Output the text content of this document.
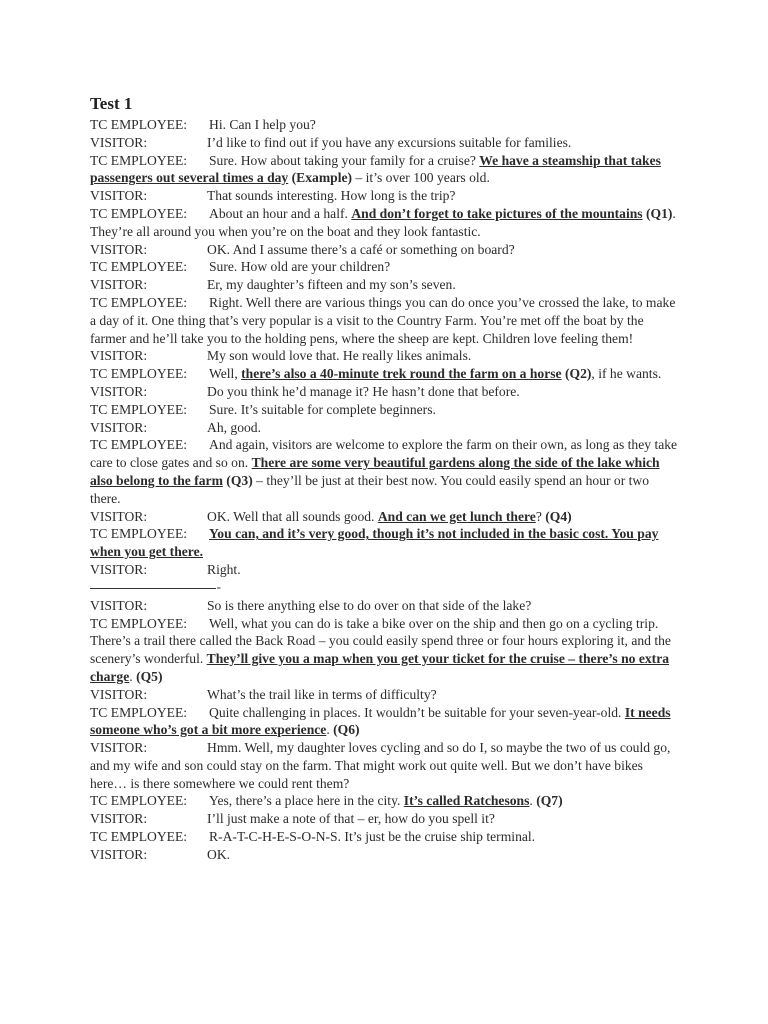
Test 1
TC EMPLOYEE: Hi. Can I help you?
VISITOR:	I’d like to find out if you have any excursions suitable for families.
TC EMPLOYEE: Sure. How about taking your family for a cruise? We have a steamship that takes passengers out several times a day (Example) – it’s over 100 years old.
VISITOR:	That sounds interesting. How long is the trip?
TC EMPLOYEE: About an hour and a half. And don’t forget to take pictures of the mountains (Q1). They’re all around you when you’re on the boat and they look fantastic.
VISITOR:	OK. And I assume there’s a café or something on board?
TC EMPLOYEE: Sure. How old are your children?
VISITOR:	Er, my daughter’s fifteen and my son’s seven.
TC EMPLOYEE: Right. Well there are various things you can do once you’ve crossed the lake, to make a day of it. One thing that’s very popular is a visit to the Country Farm. You’re met off the boat by the farmer and he’ll take you to the holding pens, where the sheep are kept. Children love feeling them!
VISITOR:	My son would love that. He really likes animals.
TC EMPLOYEE: Well, there’s also a 40-minute trek round the farm on a horse (Q2), if he wants.
VISITOR:	Do you think he’d manage it? He hasn’t done that before.
TC EMPLOYEE: Sure. It’s suitable for complete beginners.
VISITOR:	Ah, good.
TC EMPLOYEE: And again, visitors are welcome to explore the farm on their own, as long as they take care to close gates and so on. There are some very beautiful gardens along the side of the lake which also belong to the farm (Q3) – they’ll be just at their best now. You could easily spend an hour or two there.
VISITOR:	OK. Well that all sounds good. And can we get lunch there? (Q4)
TC EMPLOYEE: You can, and it’s very good, though it’s not included in the basic cost. You pay when you get there.
VISITOR:	Right.
-
VISITOR:	So is there anything else to do over on that side of the lake?
TC EMPLOYEE: Well, what you can do is take a bike over on the ship and then go on a cycling trip. There’s a trail there called the Back Road – you could easily spend three or four hours exploring it, and the scenery’s wonderful. They’ll give you a map when you get your ticket for the cruise – there’s no extra charge. (Q5)
VISITOR:	What’s the trail like in terms of difficulty?
TC EMPLOYEE: Quite challenging in places. It wouldn’t be suitable for your seven-year-old. It needs someone who’s got a bit more experience. (Q6)
VISITOR:	Hmm. Well, my daughter loves cycling and so do I, so maybe the two of us could go, and my wife and son could stay on the farm. That might work out quite well. But we don’t have bikes here… is there somewhere we could rent them?
TC EMPLOYEE: Yes, there’s a place here in the city. It’s called Ratchesons. (Q7)
VISITOR:	I’ll just make a note of that – er, how do you spell it?
TC EMPLOYEE: R-A-T-C-H-E-S-O-N-S. It’s just be the cruise ship terminal.
VISITOR:	OK.
